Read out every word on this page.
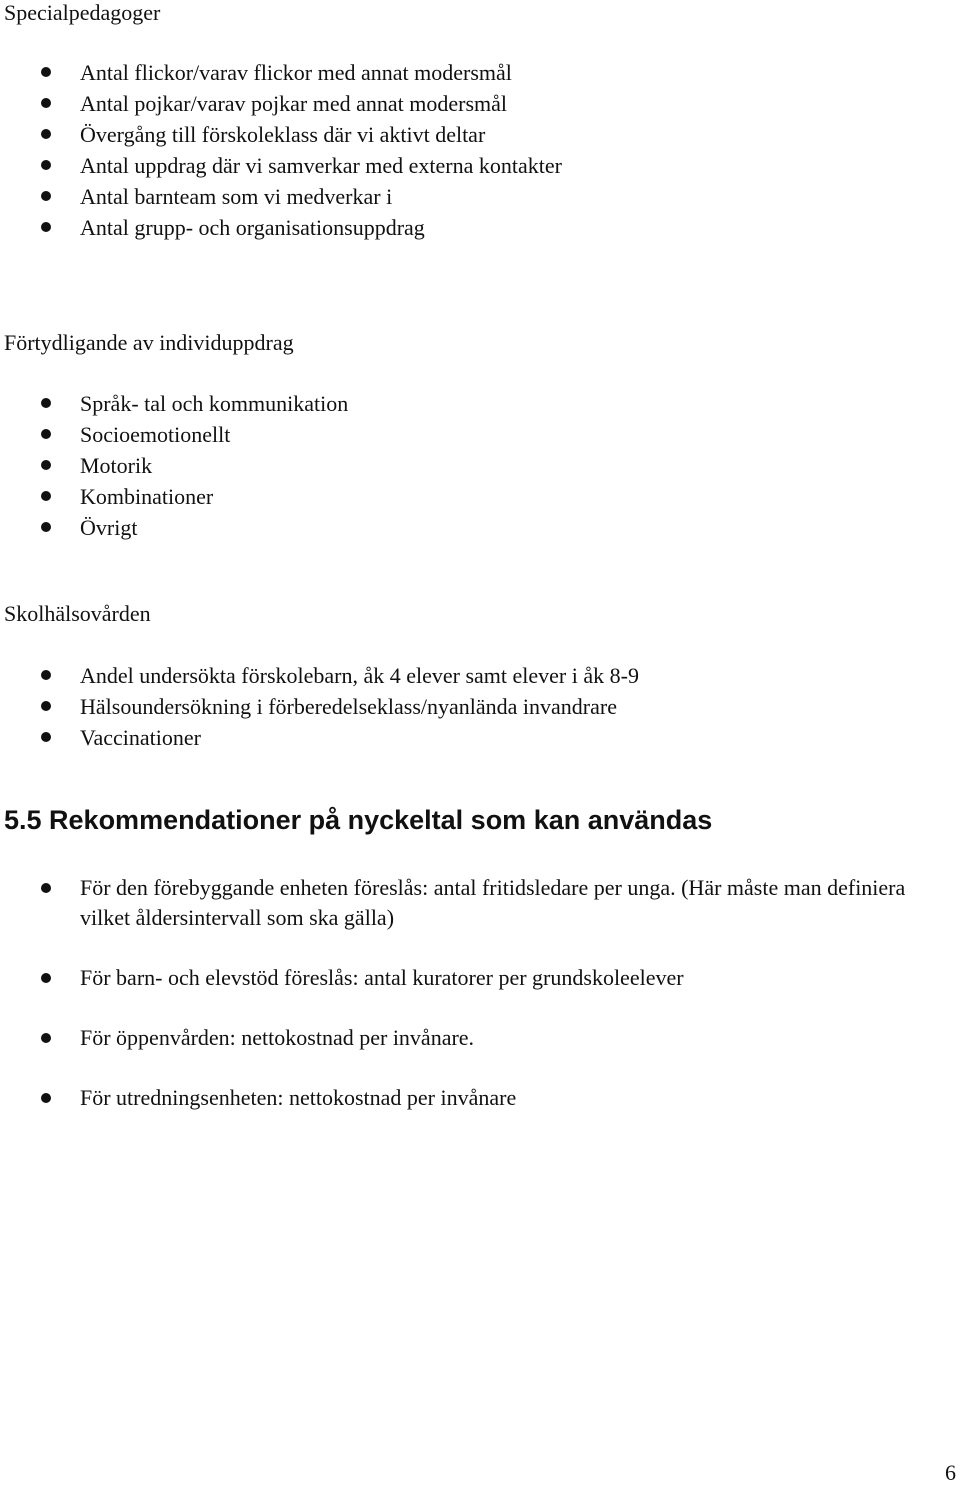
Specialpedagoger
Antal flickor/varav flickor med annat modersmål
Antal pojkar/varav pojkar med annat modersmål
Övergång till förskoleklass där vi aktivt deltar
Antal uppdrag där vi samverkar med externa kontakter
Antal barnteam som vi medverkar i
Antal grupp- och organisationsuppdrag
Förtydligande av individuppdrag
Språk- tal och kommunikation
Socioemotionellt
Motorik
Kombinationer
Övrigt
Skolhälsovården
Andel undersökta förskolebarn, åk 4 elever samt elever i åk 8-9
Hälsoundersökning i förberedelseklass/nyanlända invandrare
Vaccinationer
5.5 Rekommendationer på nyckeltal som kan användas
För den förebyggande enheten föreslås: antal fritidsledare per unga. (Här måste man definiera vilket åldersintervall som ska gälla)
För barn- och elevstöd föreslås: antal kuratorer per grundskoleelever
För öppenvården: nettokostnad per invånare.
För utredningsenheten: nettokostnad per invånare
6
